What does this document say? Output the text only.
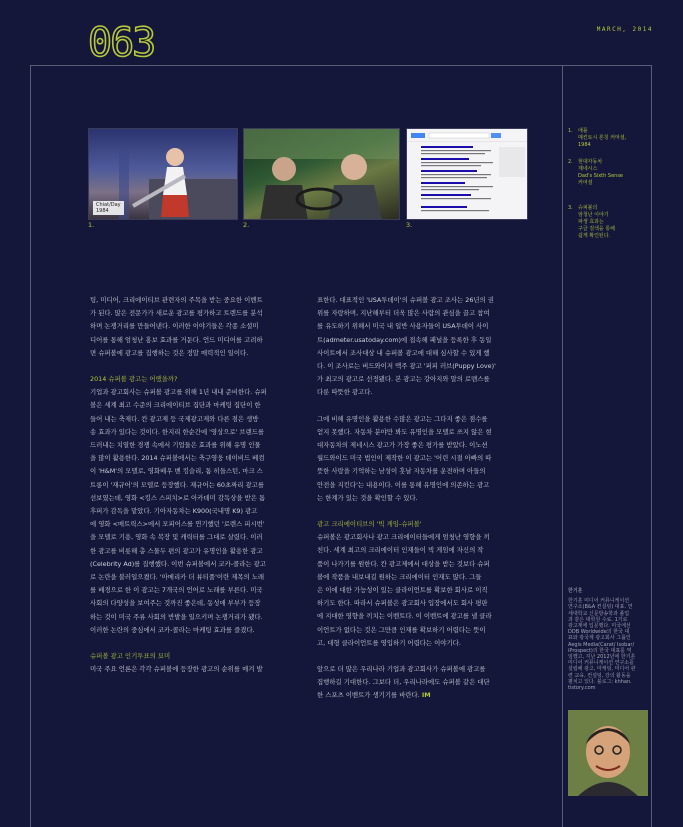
063	MARCH, 2014
Chiat/Day
1984
1.	2.	3.
1. 애플
매킨토시 론칭 커머셜,
1984
2. 현대자동차
제네시스
Dad's Sixth Sense
커머셜
3. 슈퍼볼의
엄청난 이야기
파생 효과는
구글 검색을 통해
쉽게 확인된다.

팅, 미디어, 크리에이티브 관련자의 주목을 받는 중요한 이벤트
가 된다. 많은 전문가가 새로운 광고를 평가하고 트렌드를 분석
하며 논쟁거리를 만들어낸다. 이러한 이야기들은 각종 소셜미
디어를 통해 엄청난 홍보 효과를 거둔다. 언드 미디어를 고려하
면 슈퍼볼에 광고를 집행하는 것은 정말 매력적인 일이다.

2014 슈퍼볼 광고는 어땠을까?

기업과 광고회사는 슈퍼볼 광고를 위해 1년 내내 준비한다. 슈퍼
볼은 세계 최고 수준의 크리에이티브 집단과 마케팅 집단이 한
들어 내는 축제다. 칸 광고제 등 국제광고제와 다른 점은 생방
송 효과가 있다는 것이다. 한지리 한순간에 '영상으로' 브랜드를
드러내는 치열한 경쟁 속에서 기업들은 효과를 위해 유명 인물
을 많이 활용한다. 2014 슈퍼볼에서는 축구영웅 데이비드 베컴
이 'H&M'의 모델로, 영화배우 벤 킹슬리, 톰 히들스턴, 마크 스
트롱이 '재규어'의 모델로 등장했다. 재규어는 60초짜리 광고를
선보였는데, 영화 <킹스 스피치>로 아카데미 감독상을 받은 톰
후퍼가 감독을 맡았다. 기아자동차는 K900(국내명 K9) 광고
에 영화 <매트릭스>에서 모피어스를 연기했던 '로렌스 피시번'
을 모델로 기용, 영화 속 복장 및 캐릭터를 그대로 살렸다. 이러
한 광고를 비롯해 총 스물두 편의 광고가 유명인을 활용한 광고
(Celebrity Ad)를 집행했다. 이번 슈퍼볼에서 코카-콜라는 광고
로 논란을 불러일으켰다. '아메리카 더 뷰티풀'이란 제목의 노래
를 배경으로 한 이 광고는 7개국의 언어로 노래를 부른다. 미국
사회의 다양성을 보여주는 것까진 좋은데, 동성애 부부가 등장
하는 것이 미국 주류 사회의 반발을 일으키며 논쟁거리가 됐다.
이러한 논란의 중심에서 코카-콜라는 마케팅 효과를 즐겼다.

슈퍼볼 광고 인기투표의 묘미

미국 주요 언론은 각각 슈퍼볼에 등장한 광고의 순위를 매겨 발

표한다. 대표적인 'USA투데이'의 슈퍼볼 광고 조사는 26년의 권
위를 자랑하며, 지난해부터 더욱 많은 사람의 관심을 끌고 참여
를 유도하기 위해서 미국 내 일반 사용자들이 USA투데이 사이
트(admeter.usatoday.com)에 접속해 패널을 등록한 후 동일
사이트에서 조사대상 내 슈퍼볼 광고에 대해 심사할 수 있게 했
다. 이 조사로는 버드와이저 맥주 광고 '퍼피 러브(Puppy Love)'
가 최고의 광고로 선정됐다. 본 광고는 강아지와 말의 로맨스를
다룬 따뜻한 광고다.

그에 비해 유명인을 활용한 수많은 광고는 그다지 좋은 점수를
얻지 못했다. 자동차 분야만 봐도 유명인을 모델로 쓰지 않은 현
대자동차의 제네시스 광고가 가장 좋은 평가를 받았다. 이노션
월드와이드 미국 법인이 제작한 이 광고는 '어린 시절 아빠의 따
뜻한 사랑을 기억하는 남성이 훗날 자동차를 운전하며 아들의
안전을 지킨다'는 내용이다. 이를 통해 유명인에 의존하는 광고
는 한계가 있는 것을 확인할 수 있다.

광고 크리에이티브의 '빅 게임-슈퍼볼'

슈퍼볼은 광고회사나 광고 크리에이터들에게 엄청난 영향을 끼
친다. 세계 최고의 크리에이터 인재들이 빅 게임에 자신의 작
품이 나가기를 원한다. 칸 광고제에서 대상을 받는 것보다 슈퍼
볼에 작품을 내보내길 원하는 크리에이터 인재도 많다. 그들
은 이에 대한 가능성이 있는 클라이언트를 확보한 회사로 이직
하기도 한다. 따라서 슈퍼볼은 광고회사 입장에서도 회사 평판
에 지대한 영향을 끼치는 이벤트다. 이 이벤트에 광고를 낼 클라
이언트가 없다는 것은 그만큼 인재를 확보하기 어렵다는 뜻이
고, 대형 클라이언트를 영입하기 어렵다는 이야기다.

앞으로 더 많은 우리나라 기업과 광고회사가 슈퍼볼에 광고를
집행하길 기대한다. 그보다 더, 우리나라에도 슈퍼볼 같은 대단
한 스포츠 이벤트가 생기기를 바란다. IM

한기훈
한기훈 미디어 커뮤니케이션
연구소(B&A 컨설팅) 대표. 연
세대학교 신문방송학과 졸업
과 같은 대학원 수료. 1기로
광고계에 입문했다. 미국에선
DDB Worldwide의 한국 대
표와 광국계 광고회사 그룹인
Aegis Media(Carat/ Isobar/
iProspect)의 한국 대표를 역
임했고, 지난 2012년에 한기훈
미디어 커뮤니케이션 연구소를
설립해 광고, 마케팅, 미디어 관
련 교육, 컨설팅, 강의 활동을
펼치고 있다. 블로그: khhan.
tistory.com
